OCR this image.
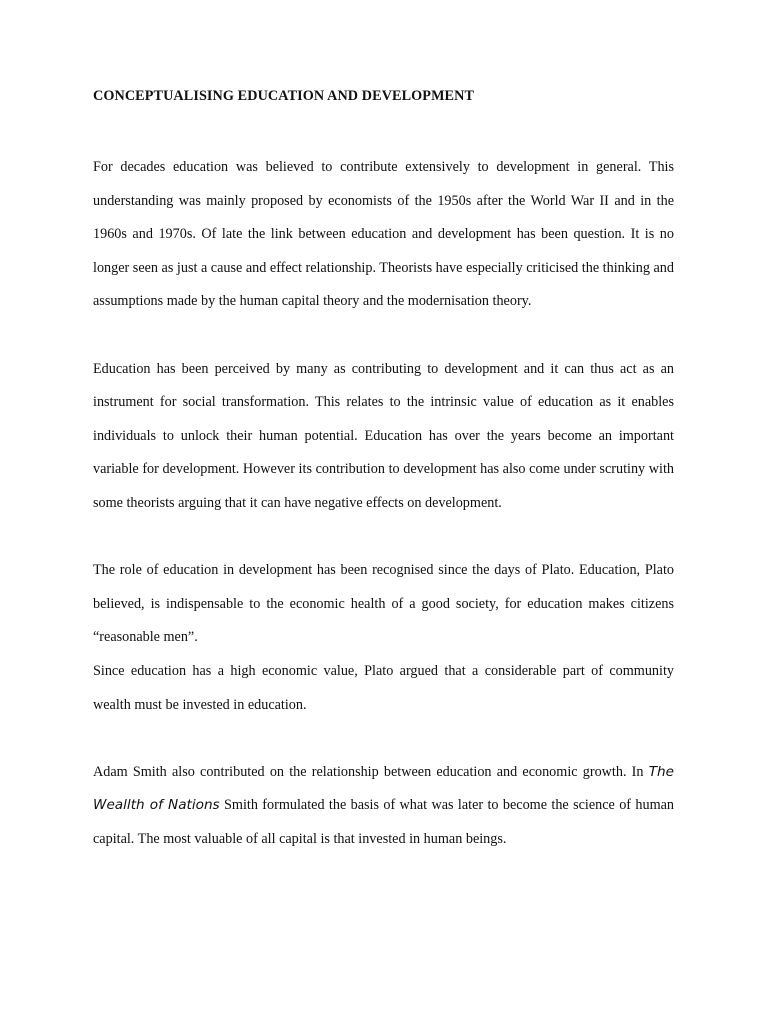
CONCEPTUALISING EDUCATION AND DEVELOPMENT

For decades education was believed to contribute extensively to development in general. This understanding was mainly proposed by economists of the 1950s after the World War II and in the 1960s and 1970s. Of late the link between education and development has been question. It is no longer seen as just a cause and effect relationship. Theorists have especially criticised the thinking and assumptions made by the human capital theory and the modernisation theory.

Education has been perceived by many as contributing to development and it can thus act as an instrument for social transformation. This relates to the intrinsic value of education as it enables individuals to unlock their human potential. Education has over the years become an important variable for development. However its contribution to development has also come under scrutiny with some theorists arguing that it can have negative effects on development.

The role of education in development has been recognised since the days of Plato. Education, Plato believed, is indispensable to the economic health of a good society, for education makes citizens “reasonable men”.

Since education has a high economic value, Plato argued that a considerable part of community wealth must be invested in education.

Adam Smith also contributed on the relationship between education and economic growth. In The Weallth of Nations Smith formulated the basis of what was later to become the science of human capital. The most valuable of all capital is that invested in human beings.
